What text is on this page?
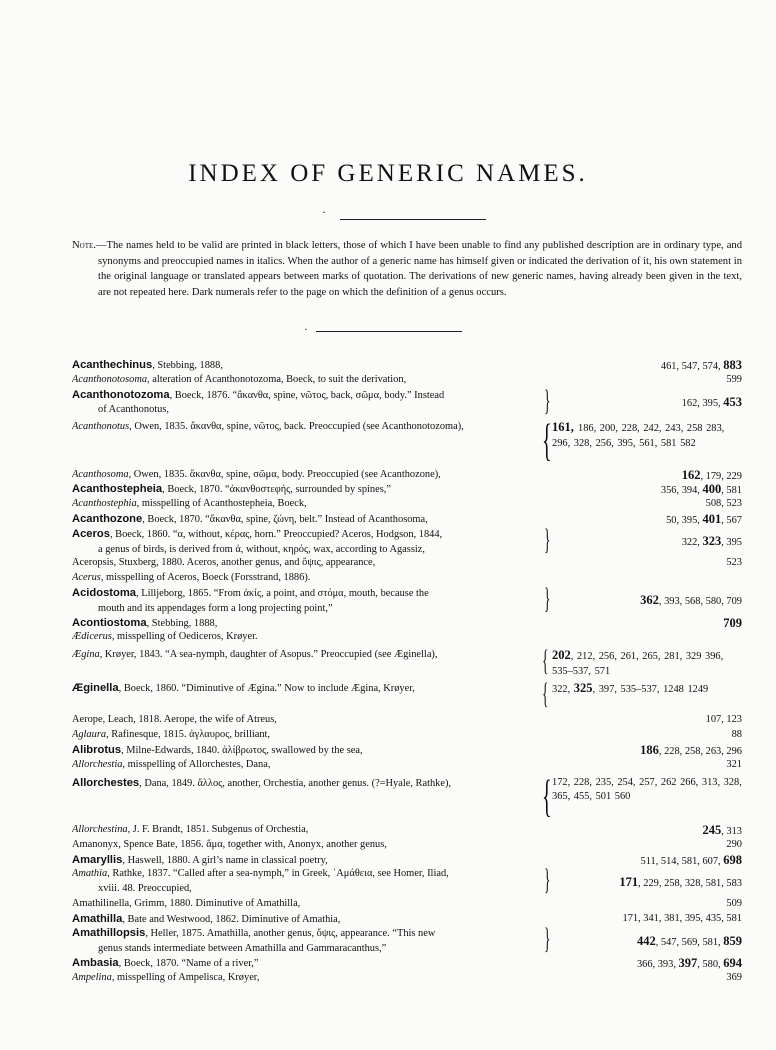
INDEX OF GENERIC NAMES.
·

Note.—The names held to be valid are printed in black letters, those of which I have been unable to find any published description are in ordinary type, and synonyms and preoccupied names in italics. When the author of a generic name has himself given or indicated the derivation of it, his own statement in the original language or translated appears between marks of quotation. The derivations of new generic names, having already been given in the text, are not repeated here. Dark numerals refer to the page on which the definition of a genus occurs.

·
Acanthechinus, Stebbing, 1888,	461, 547, 574, 883
Acanthonotosoma, alteration of Acanthonotozoma, Boeck, to suit the derivation,	599
Acanthonotozoma, Boeck, 1876. “ἄκανθα, spine, νῶτος, back, σῶμα, body.” Instead
of Acanthonotus,	}	162, 395, 453
Acanthonotus, Owen, 1835. ἄκανθα, spine, νῶτος, back. Preoccupied (see Acanthonotozoma),	{ 161, 186, 200, 228, 242, 243, 258 283, 296, 328, 256, 395, 561, 581 582
Acanthosoma, Owen, 1835. ἄκανθα, spine, σῶμα, body. Preoccupied (see Acanthozone),	162, 179, 229
Acanthostepheia, Boeck, 1870. “ἀκανθοστεφής, surrounded by spines,”	356, 394, 400, 581
Acanthostephia, misspelling of Acanthostepheia, Boeck,	508, 523
Acanthozone, Boeck, 1870. “ἄκανθα, spine, ζώνη, belt.” Instead of Acanthosoma,	50, 395, 401, 567
Aceros, Boeck, 1860. “α, without, κέρας, horn.” Preoccupied? Aceros, Hodgson, 1844,
a genus of birds, is derived from ἀ, without, κηρός, wax, according to Agassiz,	}	322, 323, 395
Aceropsis, Stuxberg, 1880. Aceros, another genus, and ὄψις, appearance,	523
Acerus, misspelling of Aceros, Boeck (Forsstrand, 1886).
Acidostoma, Lilljeborg, 1865. “From ἀκίς, a point, and στόμα, mouth, because the
mouth and its appendages form a long projecting point,”	}	362, 393, 568, 580, 709
Acontiostoma, Stebbing, 1888,	709
Ædicerus, misspelling of Oediceros, Krøyer.
Ægina, Krøyer, 1843. “A sea-nymph, daughter of Asopus.” Preoccupied (see Æginella),	{ 202, 212, 256, 261, 265, 281, 329 396, 535–537, 571
Æginella, Boeck, 1860. “Diminutive of Ægina.” Now to include Ægina, Krøyer,	{ 322, 325, 397, 535–537, 1248 1249
Aerope, Leach, 1818. Aerope, the wife of Atreus,	107, 123
Aglaura, Rafinesque, 1815. ἀγλαυρος, brilliant,	88
Alibrotus, Milne-Edwards, 1840. ἀλίβρωτος, swallowed by the sea,	186, 228, 258, 263, 296
Allorchestia, misspelling of Allorchestes, Dana,	321
Allorchestes, Dana, 1849. ἄλλος, another, Orchestia, another genus. (?=Hyale, Rathke),	{ 172, 228, 235, 254, 257, 262 266, 313, 328, 365, 455, 501 560
Allorchestina, J. F. Brandt, 1851. Subgenus of Orchestia,	245, 313
Amanonyx, Spence Bate, 1856. ἅμα, together with, Anonyx, another genus,	290
Amaryllis, Haswell, 1880. A girl’s name in classical poetry,	511, 514, 581, 607, 698
Amathia, Rathke, 1837. “Called after a sea-nymph,” in Greek, ᾿Αμάθεια, see Homer, Iliad,
xviii. 48. Preoccupied,	}	171, 229, 258, 328, 581, 583
Amathilinella, Grimm, 1880. Diminutive of Amathilla,	509
Amathilla, Bate and Westwood, 1862. Diminutive of Amathia,	171, 341, 381, 395, 435, 581
Amathillopsis, Heller, 1875. Amathilla, another genus, ὄψις, appearance. “This new
genus stands intermediate between Amathilla and Gammaracanthus,”	}	442, 547, 569, 581, 859
Ambasia, Boeck, 1870. “Name of a river,”	366, 393, 397, 580, 694
Ampelina, misspelling of Ampelisca, Krøyer,	369
